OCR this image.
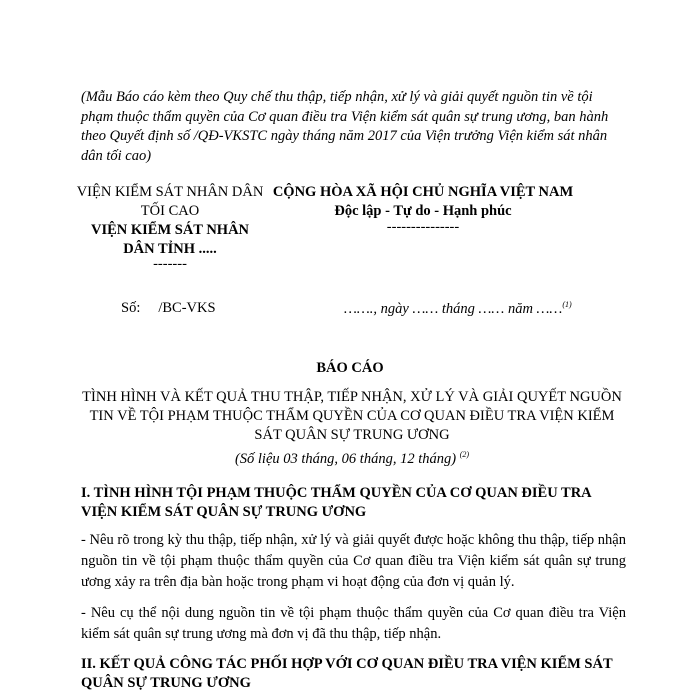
(Mẫu Báo cáo kèm theo Quy chế thu thập, tiếp nhận, xử lý và giải quyết nguồn tin về tội phạm thuộc thẩm quyền của Cơ quan điều tra Viện kiểm sát quân sự trung ương, ban hành theo Quyết định số /QĐ-VKSTC ngày tháng năm 2017 của Viện trưởng Viện kiểm sát nhân dân tối cao)
VIỆN KIỂM SÁT NHÂN DÂN
TỐI CAO
VIỆN KIỂM SÁT NHÂN DÂN TỈNH .....
-------
CỘNG HÒA XÃ HỘI CHỦ NGHĨA VIỆT NAM
Độc lập - Tự do - Hạnh phúc
---------------
Số: /BC-VKS	……., ngày …… tháng …… năm ……$^{(1)}$
BÁO CÁO
TÌNH HÌNH VÀ KẾT QUẢ THU THẬP, TIẾP NHẬN, XỬ LÝ VÀ GIẢI QUYẾT NGUỒN TIN VỀ TỘI PHẠM THUỘC THẨM QUYỀN CỦA CƠ QUAN ĐIỀU TRA VIỆN KIỂM SÁT QUÂN SỰ TRUNG ƯƠNG
(Số liệu 03 tháng, 06 tháng, 12 tháng) $^{(2)}$
I. TÌNH HÌNH TỘI PHẠM THUỘC THẨM QUYỀN CỦA CƠ QUAN ĐIỀU TRA VIỆN KIỂM SÁT QUÂN SỰ TRUNG ƯƠNG
- Nêu rõ trong kỳ thu thập, tiếp nhận, xử lý và giải quyết được hoặc không thu thập, tiếp nhận nguồn tin về tội phạm thuộc thẩm quyền của Cơ quan điều tra Viện kiểm sát quân sự trung ương xảy ra trên địa bàn hoặc trong phạm vi hoạt động của đơn vị quản lý.
- Nêu cụ thể nội dung nguồn tin về tội phạm thuộc thẩm quyền của Cơ quan điều tra Viện kiểm sát quân sự trung ương mà đơn vị đã thu thập, tiếp nhận.
II. KẾT QUẢ CÔNG TÁC PHỐI HỢP VỚI CƠ QUAN ĐIỀU TRA VIỆN KIỂM SÁT QUÂN SỰ TRUNG ƯƠNG
